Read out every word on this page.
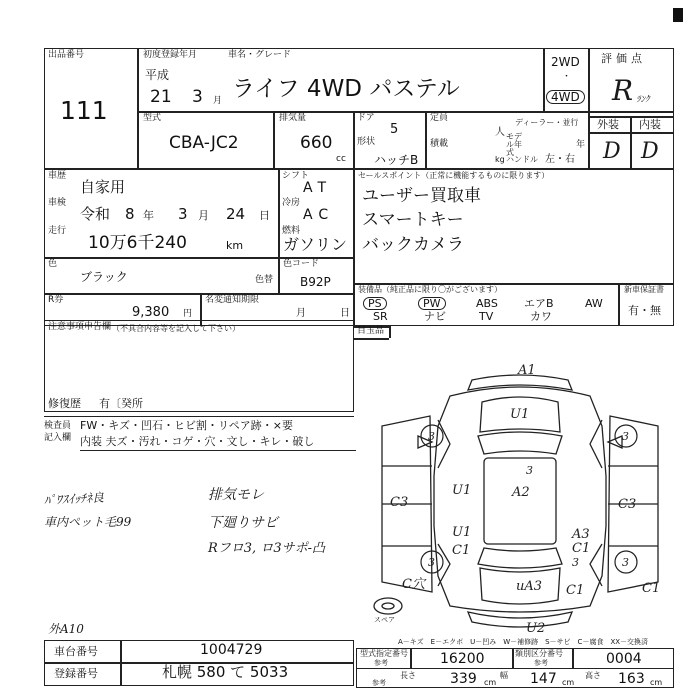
出品番号
111
初度登録年月	車名・グレード
平成
21 3 月 ライフ 4WD パステル
2WD
・
4WD
評価点
R ﾗﾝｸ
外装 内装
D D
型式
CBA-JC2
排気量
660
cc
ドア
5
形状
ハッチB
定員
人
積載
kg
ディーラー・並行
モデル年式
年
ハンドル 左・右
車歴
自家用
車検
令和 8 年 3 月 24 日
走行
10万6千240	km
シフト
AT
冷房
AC
燃料
ガソリン
セールスポイント（正常に機能するものに限ります）
ユーザー買取車
スマートキー
バックカメラ
色
ブラック	色替
色コード
B92P
R券
9,380 円
名変通知期限
月	日
装備品（純正品に限り〇がございます）	新車保証書
有・無
PS	PW	ABS エアB	AW
SR	ナビ	TV	カワ
目玉品
注意事項申告欄 （不具合内容等を記入して下さい）
修復歴 有〔癸所
検査員
記入欄
FW・キズ・凹石・ヒビ割・リペア跡・×要
内装 夫ズ・汚れ・コゲ・穴・文し・キレ・破し
ﾊﾟﾜｽｲｯﾁﾈ良
車内ペット毛99
排気モレ
下廻りサビ
Rフロ3, ロ3サポ-凸
外A10
A1
U1
3	3
3	3
U1	A2
C3	C3
U1
C1
A3
C1
3
3
C1
C穴	uA3 C1
U2
スペア
A－キズ　E－エクボ　U－凹み　W－補修跡　S－サビ　C－腐食　XX－交換済
車台番号	1004729
登録番号	札幌 580 て 5033
型式指定番号
参考	16200	類別区分番号
参考	0004
参考
長さ 339 cm
幅 147 cm
高さ 163 cm
